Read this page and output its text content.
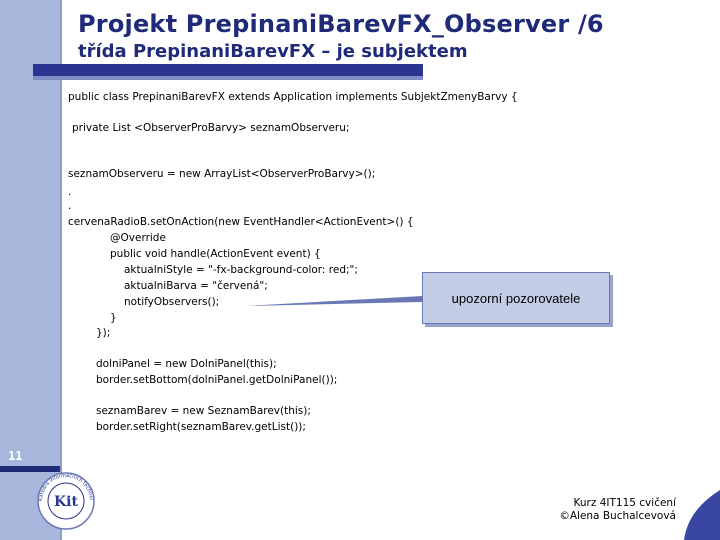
Projekt PrepinaniBarevFX_Observer /6
třída PrepinaniBarevFX – je subjektem
public class PrepinaniBarevFX extends Application implements SubjektZmenyBarvy {
private List <ObserverProBarvy> seznamObserveru;
seznamObserveru = new ArrayList<ObserverProBarvy>();
.
.
cervenaRadioB.setOnAction(new EventHandler<ActionEvent>() {
@Override
public void handle(ActionEvent event) {
aktualniStyle = "-fx-background-color: red;";
aktualniBarva = "červená";
notifyObservers();
}
});
dolniPanel = new DolniPanel(this);
border.setBottom(dolniPanel.getDolniPanel());
seznamBarev = new SeznamBarev(this);
border.setRight(seznamBarev.getList());
upozorní pozorovatele
11
Kit
Katedra informačních technol	Kurz 4IT115 cvičení
©Alena Buchalcevová
